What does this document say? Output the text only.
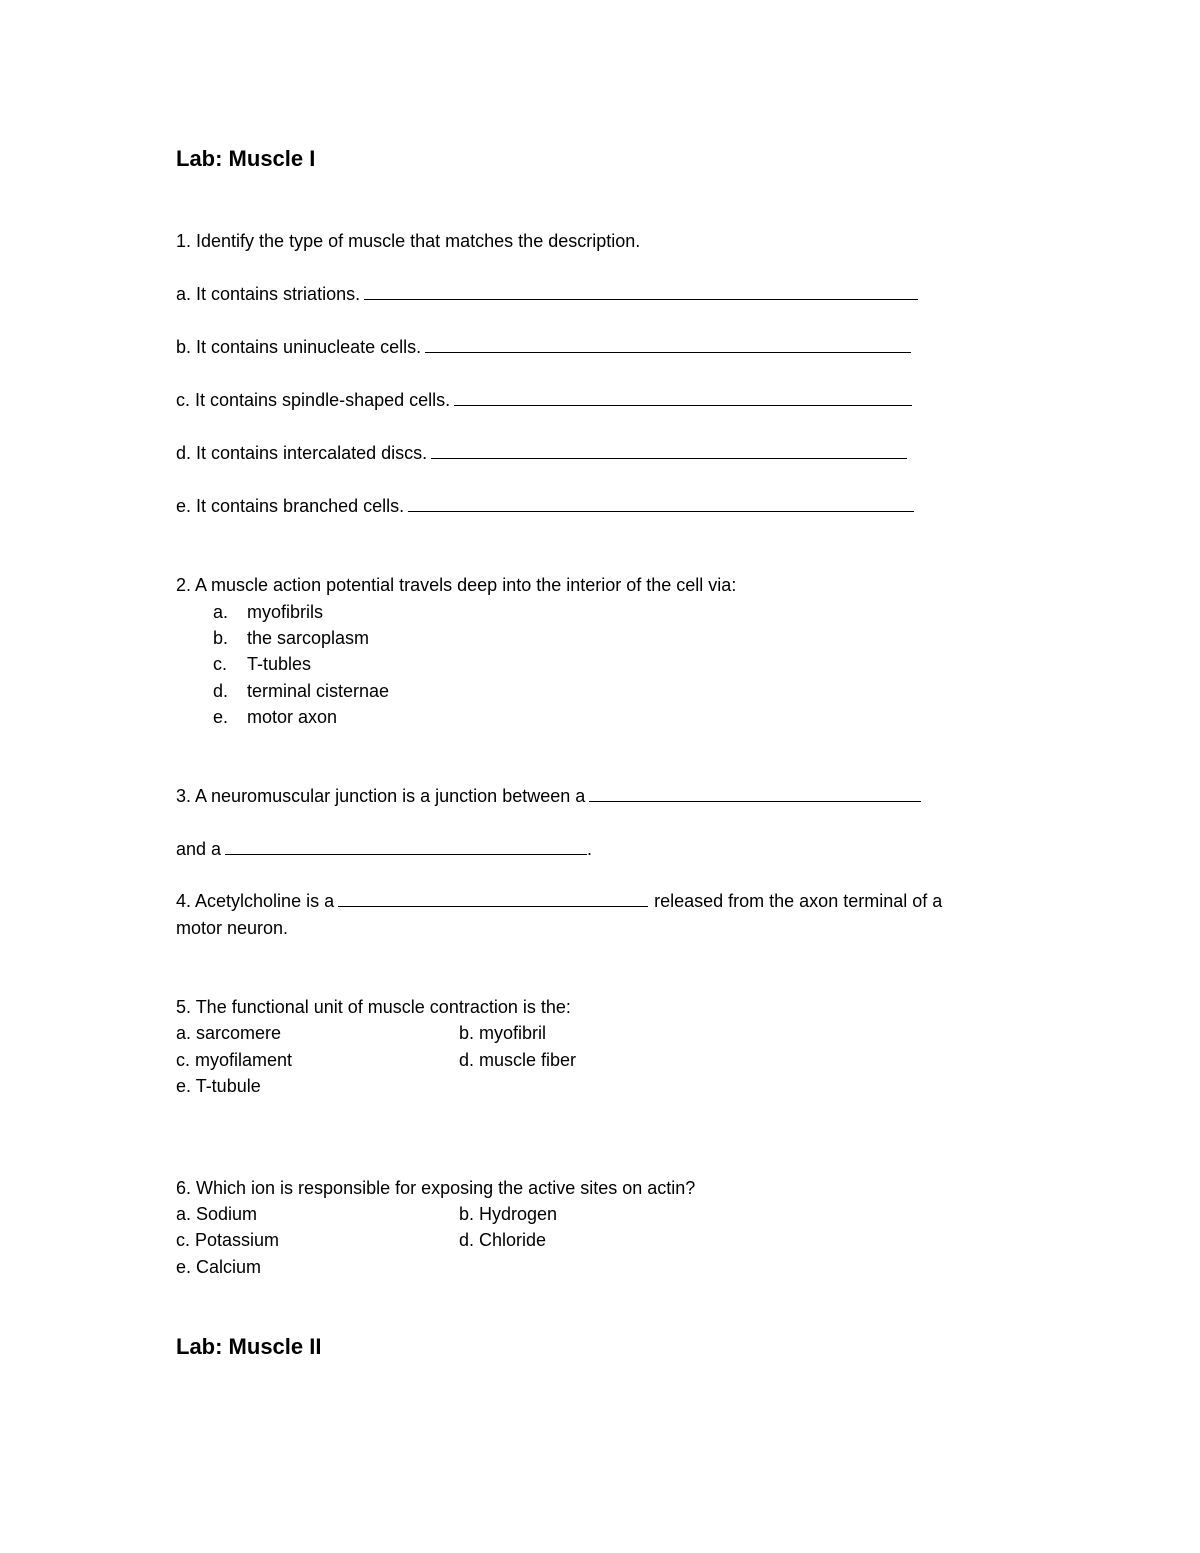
Lab: Muscle I
1. Identify the type of muscle that matches the description.
a. It contains striations.
b. It contains uninucleate cells.
c. It contains spindle-shaped cells.
d. It contains intercalated discs.
e. It contains branched cells.
2. A muscle action potential travels deep into the interior of the cell via:
a. myofibrils
b. the sarcoplasm
c. T-tubles
d. terminal cisternae
e. motor axon
3. A neuromuscular junction is a junction between a
and a	.
4. Acetylcholine is a	released from the axon terminal of a
motor neuron.
5. The functional unit of muscle contraction is the:
a. sarcomere	b. myofibril
c. myofilament	d. muscle fiber
e. T-tubule
6. Which ion is responsible for exposing the active sites on actin?
a. Sodium	b. Hydrogen
c. Potassium	d. Chloride
e. Calcium
Lab: Muscle II
